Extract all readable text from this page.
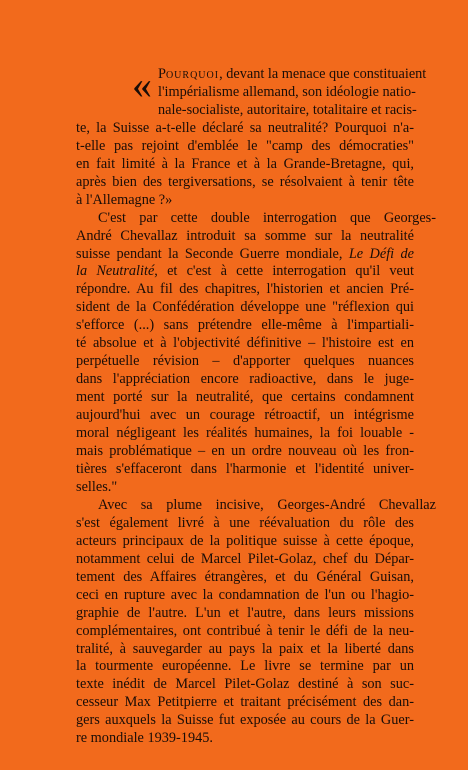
« Pourquoi, devant la menace que constituaient
l'impérialisme allemand, son idéologie natio-
nale-socialiste, autoritaire, totalitaire et racis-
te, la Suisse a-t-elle déclaré sa neutralité? Pourquoi n'a-
t-elle pas rejoint d'emblée le "camp des démocraties"
en fait limité à la France et à la Grande-Bretagne, qui,
après bien des tergiversations, se résolvaient à tenir tête
à l'Allemagne ?»
C'est par cette double interrogation que Georges-
André Chevallaz introduit sa somme sur la neutralité
suisse pendant la Seconde Guerre mondiale, Le Défi de
la Neutralité, et c'est à cette interrogation qu'il veut
répondre. Au fil des chapitres, l'historien et ancien Pré-
sident de la Confédération développe une "réflexion qui
s'efforce (...) sans prétendre elle-même à l'impartiali-
té absolue et à l'objectivité définitive – l'histoire est en
perpétuelle révision – d'apporter quelques nuances
dans l'appréciation encore radioactive, dans le juge-
ment porté sur la neutralité, que certains condamnent
aujourd'hui avec un courage rétroactif, un intégrisme
moral négligeant les réalités humaines, la foi louable -
mais problématique – en un ordre nouveau où les fron-
tières s'effaceront dans l'harmonie et l'identité univer-
selles."
Avec sa plume incisive, Georges-André Chevallaz
s'est également livré à une réévaluation du rôle des
acteurs principaux de la politique suisse à cette époque,
notamment celui de Marcel Pilet-Golaz, chef du Dépar-
tement des Affaires étrangères, et du Général Guisan,
ceci en rupture avec la condamnation de l'un ou l'hagio-
graphie de l'autre. L'un et l'autre, dans leurs missions
complémentaires, ont contribué à tenir le défi de la neu-
tralité, à sauvegarder au pays la paix et la liberté dans
la tourmente européenne. Le livre se termine par un
texte inédit de Marcel Pilet-Golaz destiné à son suc-
cesseur Max Petitpierre et traitant précisément des dan-
gers auxquels la Suisse fut exposée au cours de la Guer-
re mondiale 1939-1945.
